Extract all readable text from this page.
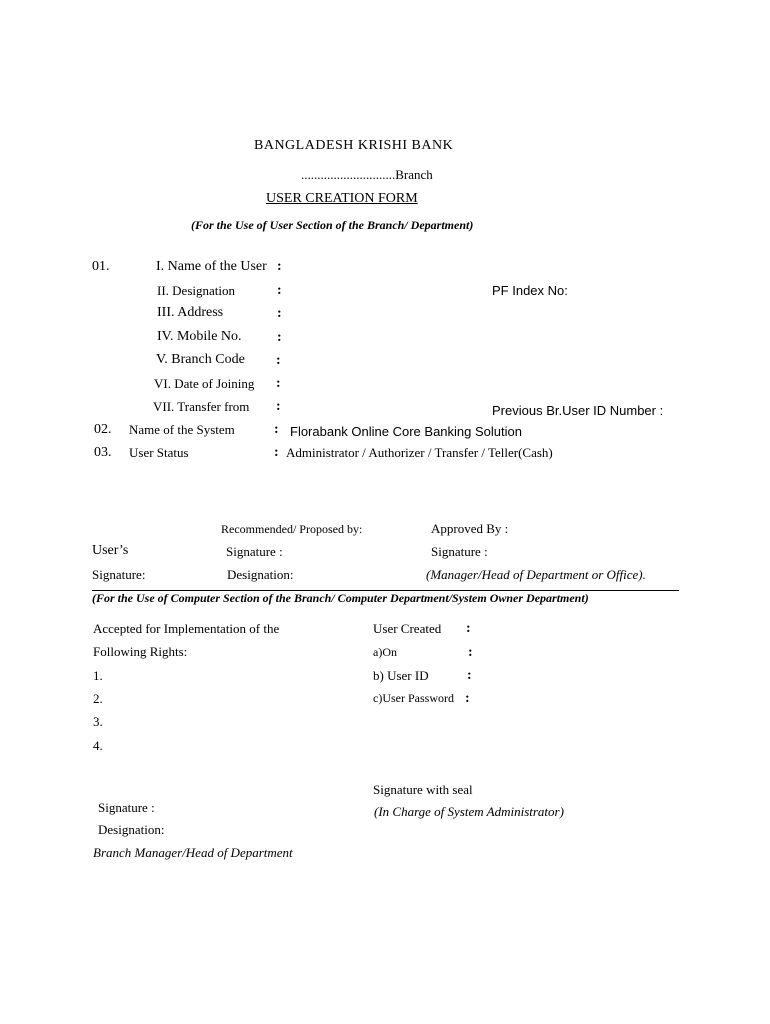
BANGLADESH KRISHI BANK
.............................Branch
USER CREATION FORM
(For the Use of User Section of the Branch/ Department)
01.	I. Name of the User :
II. Designation	:
III. Address	:
IV. Mobile No.	:
V. Branch Code :
VI. Date of Joining :
VII. Transfer from :
PF Index No:
Previous Br.User ID Number :
02. Name of the System	: Florabank Online Core Banking Solution
03. User Status	: Administrator / Authorizer / Transfer / Teller(Cash)
Recommended/ Proposed by:	Approved By :
User’s	Signature :	Signature :
Signature:	Designation:	(Manager/Head of Department or Office).
(For the Use of Computer Section of the Branch/ Computer Department/System Owner Department)
Accepted for Implementation of the
Following Rights:
1.
2.
3.
4.
User Created :
a)On	:
b) User ID	:
c)User Password :
Signature with seal
(In Charge of System Administrator)
Signature :
Designation:
Branch Manager/Head of Department
